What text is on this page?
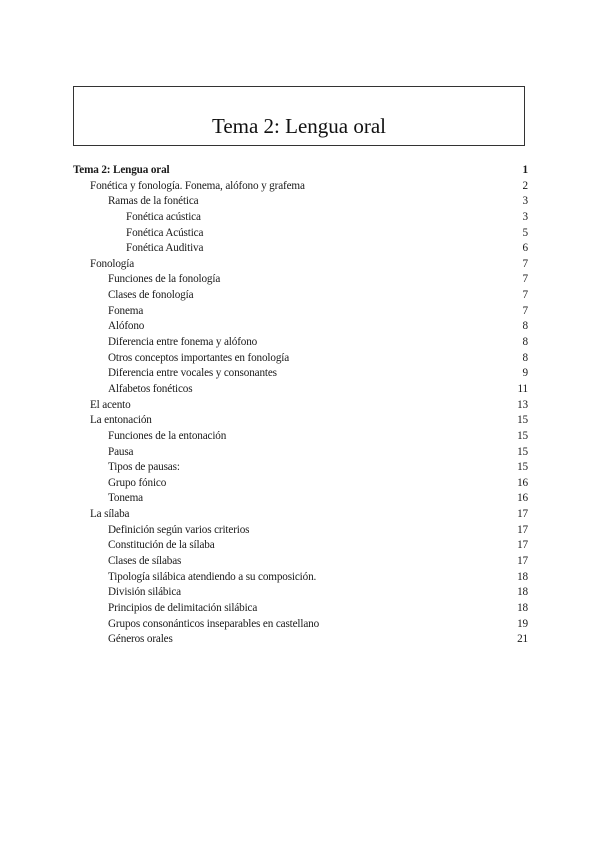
Tema 2: Lengua oral
Tema 2: Lengua oral	1
Fonética y fonología. Fonema, alófono y grafema	2
Ramas de la fonética	3
Fonética acústica	3
Fonética Acústica	5
Fonética Auditiva	6
Fonología	7
Funciones de la fonología	7
Clases de fonología	7
Fonema	7
Alófono	8
Diferencia entre fonema y alófono	8
Otros conceptos importantes en fonología	8
Diferencia entre vocales y consonantes	9
Alfabetos fonéticos	11
El acento	13
La entonación	15
Funciones de la entonación	15
Pausa	15
Tipos de pausas:	15
Grupo fónico	16
Tonema	16
La sílaba	17
Definición según varios criterios	17
Constitución de la sílaba	17
Clases de sílabas	17
Tipología silábica atendiendo a su composición.	18
División silábica	18
Principios de delimitación silábica	18
Grupos consonánticos inseparables en castellano	19
Géneros orales	21
